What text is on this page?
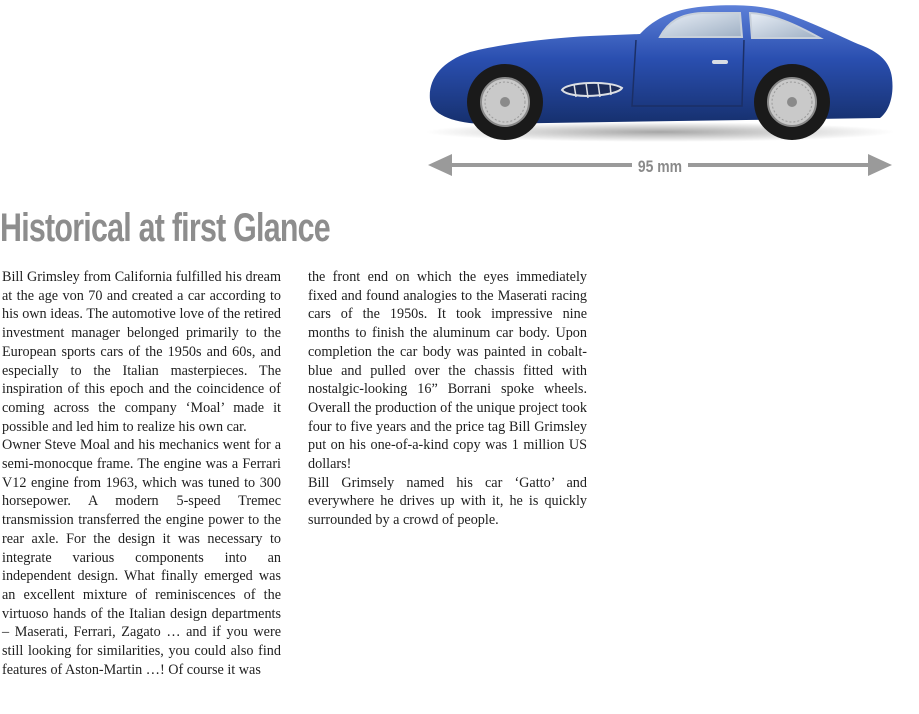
95 mm
Historical at first Glance

Bill Grimsley from California fulfilled his dream at the age von 70 and created a car according to his own ideas. The automotive love of the retired investment manager belonged primarily to the European sports cars of the 1950s and 60s, and especially to the Italian masterpieces. The inspiration of this epoch and the coincidence of coming across the company ‘Moal’ made it possible and led him to realize his own car.

Owner Steve Moal and his mechanics went for a semi-monocque frame. The engine was a Ferrari V12 engine from 1963, which was tuned to 300 horsepower. A modern 5-speed Tremec transmission transferred the engine power to the rear axle. For the design it was necessary to integrate various components into an independent design. What finally emerged was an excellent mixture of reminiscences of the virtuoso hands of the Italian design departments – Maserati, Ferrari, Zagato … and if you were still looking for similarities, you could also find features of Aston-Martin …! Of course it was

the front end on which the eyes immediately fixed and found analogies to the Maserati racing cars of the 1950s. It took impressive nine months to finish the aluminum car body. Upon completion the car body was painted in cobalt-blue and pulled over the chassis fitted with nostalgic-looking 16” Borrani spoke wheels. Overall the production of the unique project took four to five years and the price tag Bill Grimsley put on his one-of-a-kind copy was 1 million US dollars!

Bill Grimsely named his car ‘Gatto’ and everywhere he drives up with it, he is quickly surrounded by a crowd of people.
